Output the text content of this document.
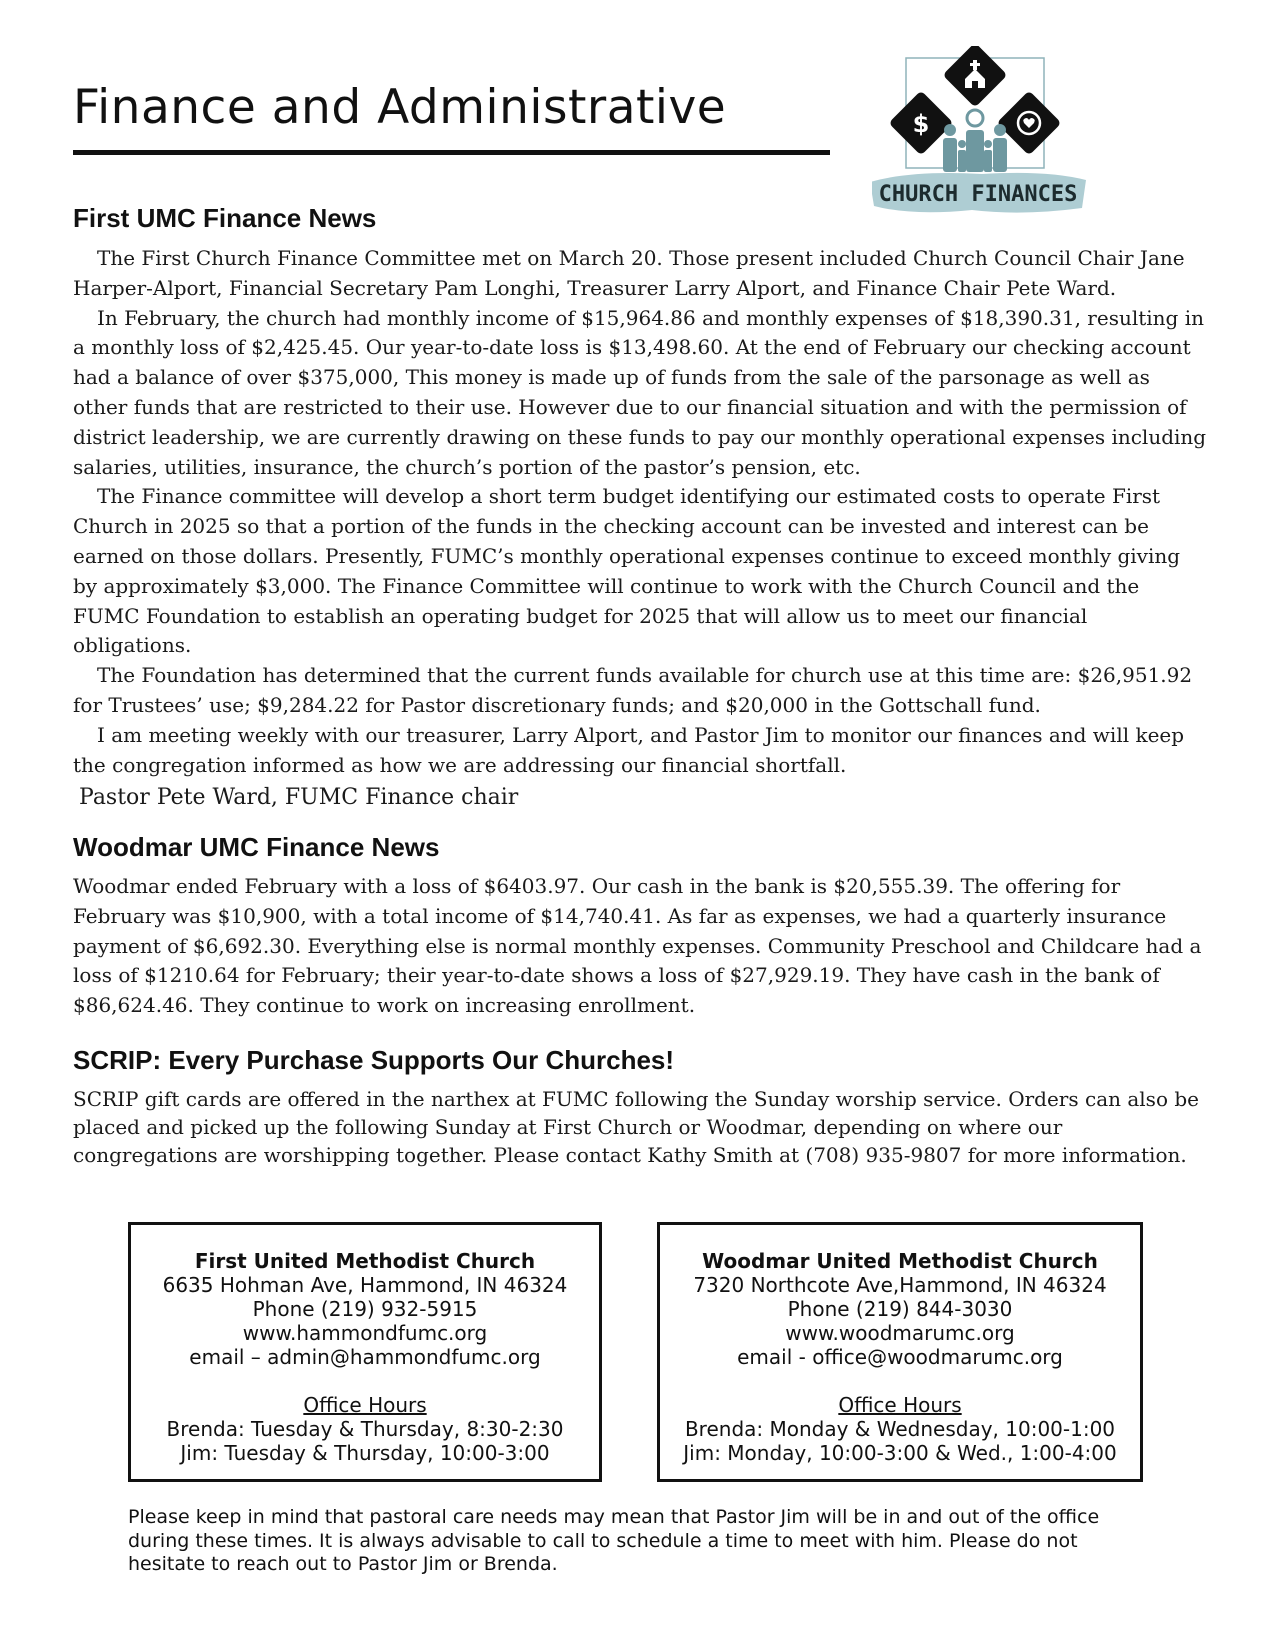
Finance and Administrative	$
CHURCH FINANCES
First UMC Finance News

The First Church Finance Committee met on March 20. Those present included Church Council Chair Jane Harper-Alport, Financial Secretary Pam Longhi, Treasurer Larry Alport, and Finance Chair Pete Ward.

In February, the church had monthly income of $15,964.86 and monthly expenses of $18,390.31, resulting in a monthly loss of $2,425.45. Our year-to-date loss is $13,498.60. At the end of February our checking account had a balance of over $375,000, This money is made up of funds from the sale of the parsonage as well as other funds that are restricted to their use. However due to our financial situation and with the permission of district leadership, we are currently drawing on these funds to pay our monthly operational expenses including salaries, utilities, insurance, the church’s portion of the pastor’s pension, etc.

The Finance committee will develop a short term budget identifying our estimated costs to operate First Church in 2025 so that a portion of the funds in the checking account can be invested and interest can be earned on those dollars. Presently, FUMC’s monthly operational expenses continue to exceed monthly giving by approximately $3,000. The Finance Committee will continue to work with the Church Council and the FUMC Foundation to establish an operating budget for 2025 that will allow us to meet our financial obligations.

The Foundation has determined that the current funds available for church use at this time are: $26,951.92 for Trustees’ use; $9,284.22 for Pastor discretionary funds; and $20,000 in the Gottschall fund.

I am meeting weekly with our treasurer, Larry Alport, and Pastor Jim to monitor our finances and will keep the congregation informed as how we are addressing our financial shortfall.

Pastor Pete Ward, FUMC Finance chair

Woodmar UMC Finance News

Woodmar ended February with a loss of $6403.97. Our cash in the bank is $20,555.39. The offering for February was $10,900, with a total income of $14,740.41. As far as expenses, we had a quarterly insurance payment of $6,692.30. Everything else is normal monthly expenses. Community Preschool and Childcare had a loss of $1210.64 for February; their year-to-date shows a loss of $27,929.19. They have cash in the bank of $86,624.46. They continue to work on increasing enrollment.

SCRIP: Every Purchase Supports Our Churches!

SCRIP gift cards are offered in the narthex at FUMC following the Sunday worship service. Orders can also be placed and picked up the following Sunday at First Church or Woodmar, depending on where our congregations are worshipping together. Please contact Kathy Smith at (708) 935-9807 for more information.

First United Methodist Church
6635 Hohman Ave, Hammond, IN 46324
Phone (219) 932-5915
www.hammondfumc.org
email – admin@hammondfumc.org
Office Hours
Brenda: Tuesday & Thursday, 8:30-2:30
Jim: Tuesday & Thursday, 10:00-3:00
Woodmar United Methodist Church
7320 Northcote Ave,Hammond, IN 46324
Phone (219) 844-3030
www.woodmarumc.org
email - office@woodmarumc.org
Office Hours
Brenda: Monday & Wednesday, 10:00-1:00
Jim: Monday, 10:00-3:00 & Wed., 1:00-4:00
Please keep in mind that pastoral care needs may mean that Pastor Jim will be in and out of the office during these times. It is always advisable to call to schedule a time to meet with him. Please do not hesitate to reach out to Pastor Jim or Brenda.
